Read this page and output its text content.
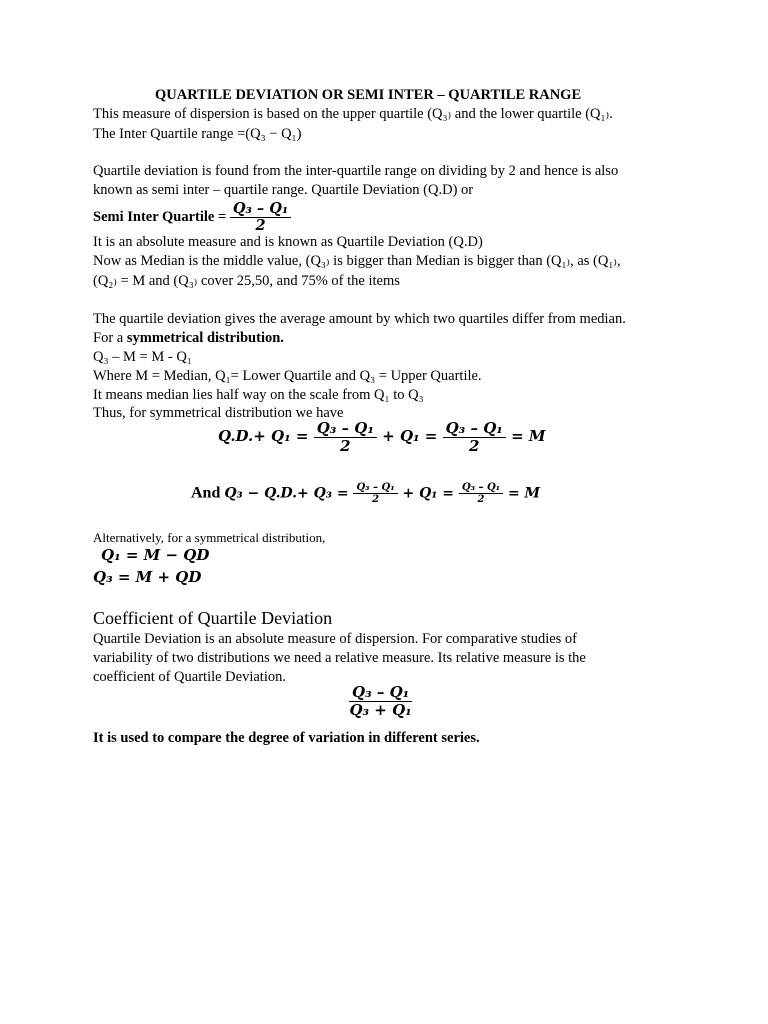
QUARTILE DEVIATION OR SEMI INTER – QUARTILE RANGE
This measure of dispersion is based on the upper quartile (Q₃₎ and the lower quartile (Q₁₎.
The Inter Quartile range =(Q₃ − Q₁)
Quartile deviation is found from the inter-quartile range on dividing by 2 and hence is also
known as semi inter – quartile range. Quartile Deviation (Q.D) or
Semi Inter Quartile = $\frac{\text{Q₃ – Q₁}}{2}$
It is an absolute measure and is known as Quartile Deviation (Q.D)
Now as Median is the middle value, (Q₃₎ is bigger than Median is bigger than (Q₁₎, as (Q₁₎,
(Q₂₎ = M and (Q₃₎ cover 25,50, and 75% of the items
The quartile deviation gives the average amount by which two quartiles differ from median.
For a symmetrical distribution.
Q₃ – M = M - Q₁
Where M = Median, Q₁= Lower Quartile and Q₃ = Upper Quartile.
It means median lies half way on the scale from Q₁ to Q₃
Thus, for symmetrical distribution we have
$Q.D.+ Q_1 = \frac{\text{Q₃ – Q₁}}{2} + Q_1 = \frac{\text{Q₃ – Q₁}}{2} = M$
And $Q_3 - Q.D.+ Q_3 = \frac{\text{Q₃ – Q₁}}{2} + Q_1 = \frac{\text{Q₃ – Q₁}}{2} = M$
Alternatively, for a symmetrical distribution,
Q₁ = M − QD
Q₃ = M + QD
Coefficient of Quartile Deviation
Quartile Deviation is an absolute measure of dispersion. For comparative studies of
variability of two distributions we need a relative measure. Its relative measure is the
coefficient of Quartile Deviation.
$\frac{\text{Q₃ – Q₁}}{\text{Q₃ + Q₁}}$
It is used to compare the degree of variation in different series.
